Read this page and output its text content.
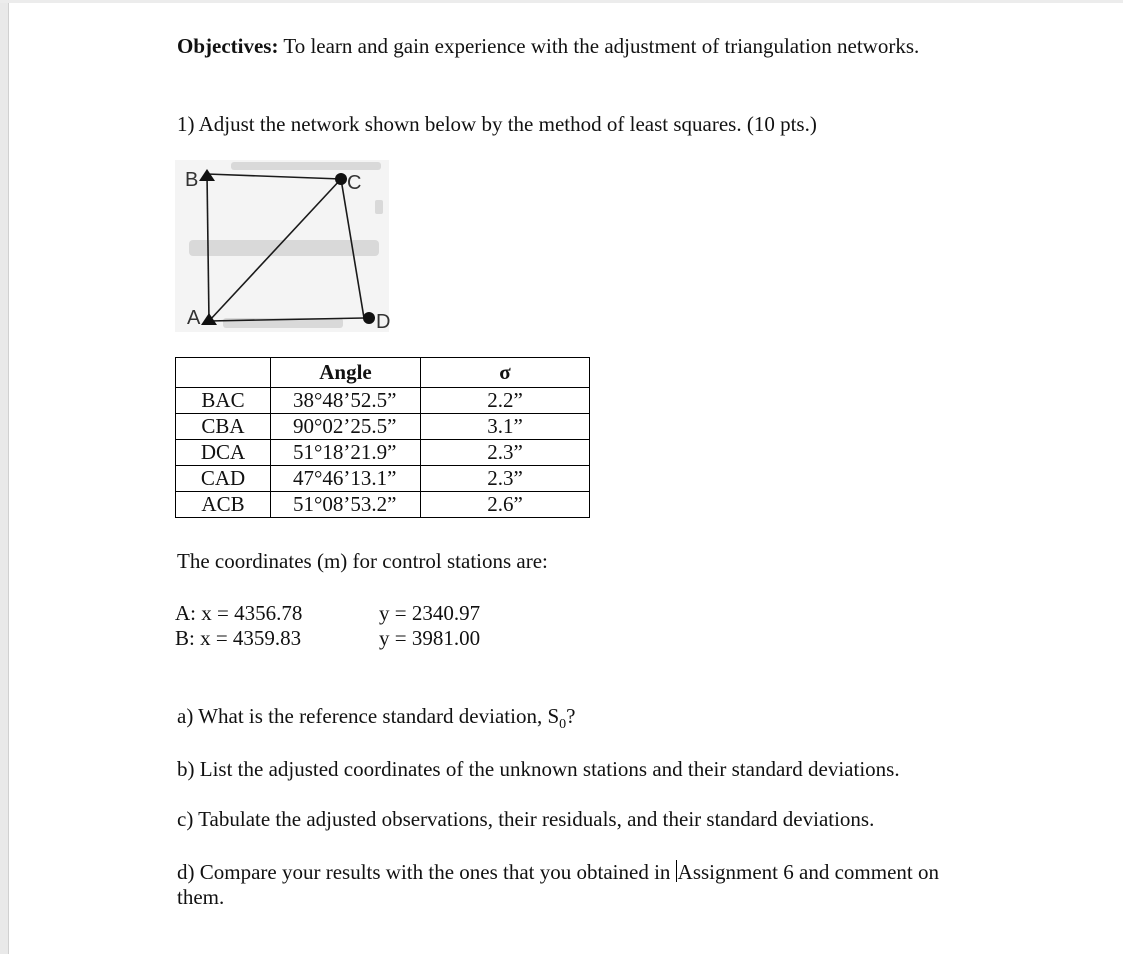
Objectives: To learn and gain experience with the adjustment of triangulation networks.
1) Adjust the network shown below by the method of least squares. (10 pts.)
B	C
A	D
	Angle	σ
BAC	38°48’52.5”	2.2”
CBA	90°02’25.5”	3.1”
DCA	51°18’21.9”	2.3”
CAD	47°46’13.1”	2.3”
ACB	51°08’53.2”	2.6”
The coordinates (m) for control stations are:
A: x = 4356.78	y = 2340.97
B: x = 4359.83	y = 3981.00
a) What is the reference standard deviation, $S_0$?
b) List the adjusted coordinates of the unknown stations and their standard deviations.
c) Tabulate the adjusted observations, their residuals, and their standard deviations.
d) Compare your results with the ones that you obtained in Assignment 6 and comment on
them.
